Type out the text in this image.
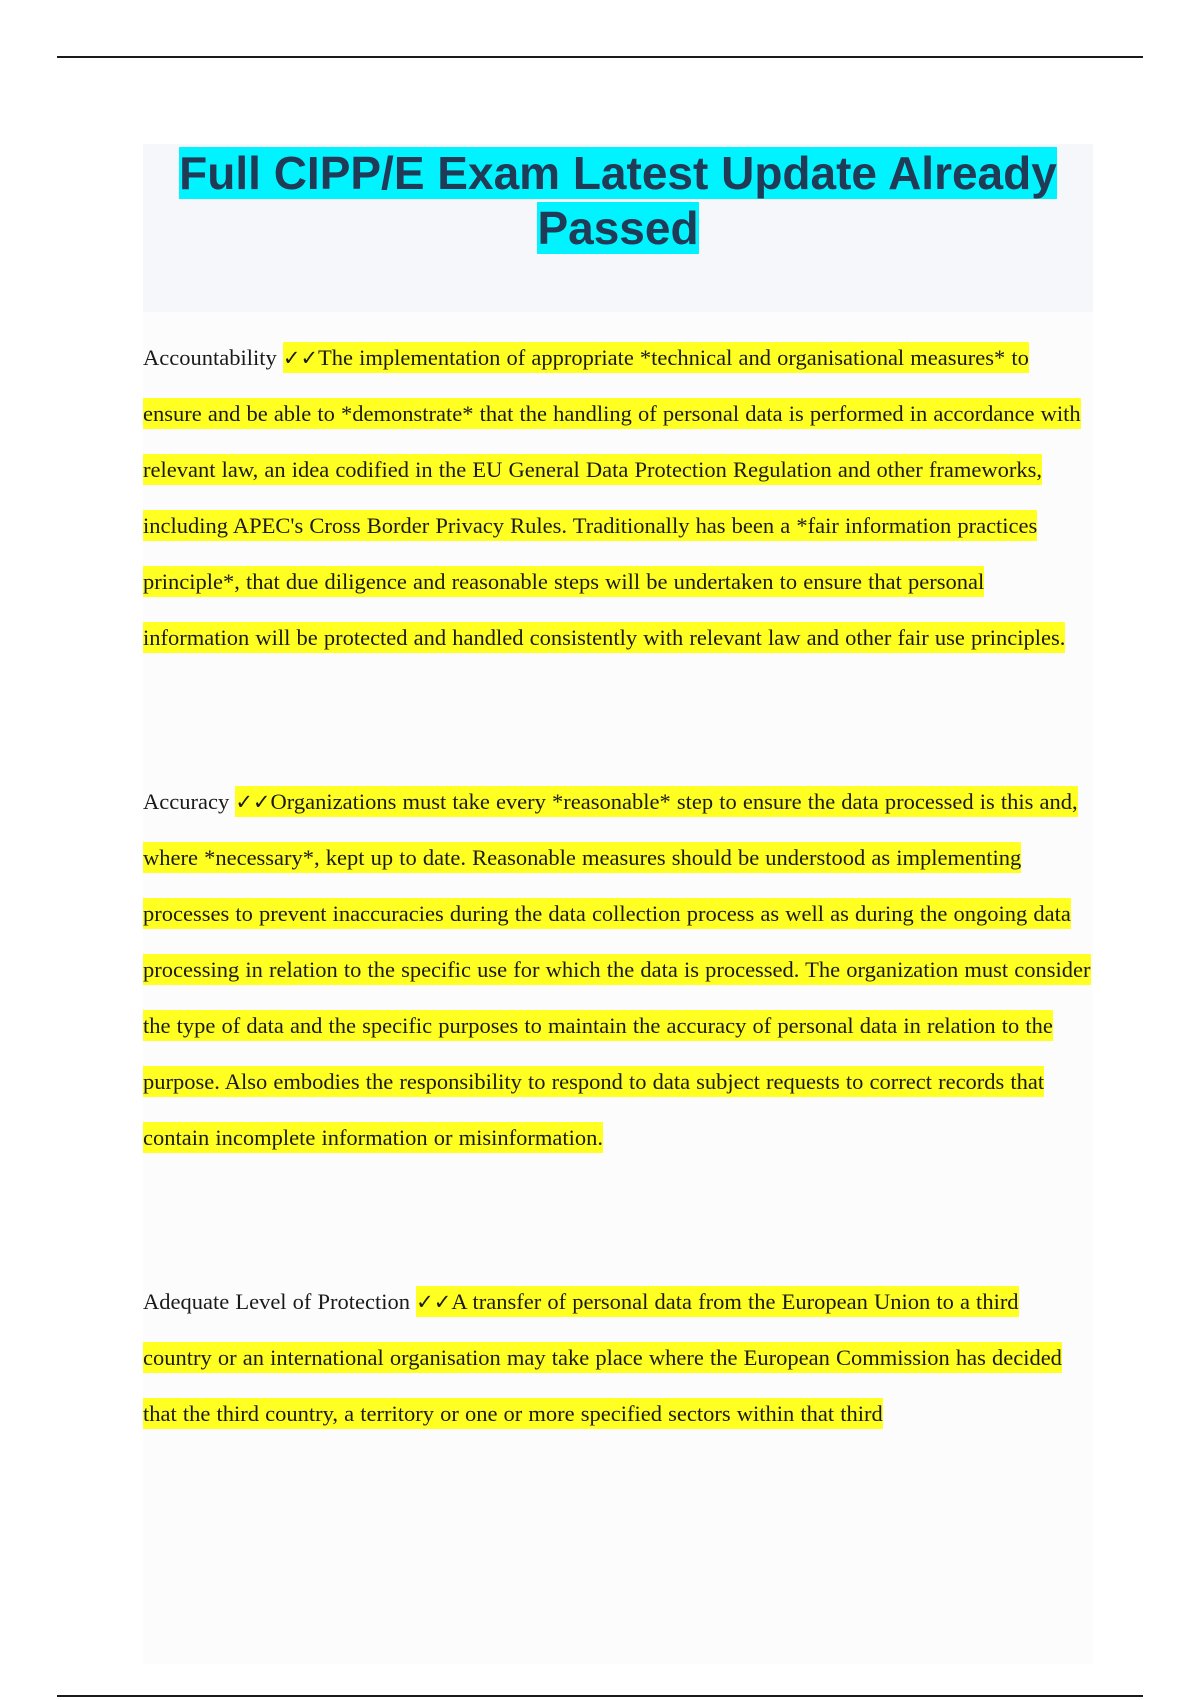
Full CIPP/E Exam Latest Update Already Passed

Accountability ✓✓The implementation of appropriate *technical and organisational measures* to ensure and be able to *demonstrate* that the handling of personal data is performed in accordance with relevant law, an idea codified in the EU General Data Protection Regulation and other frameworks, including APEC's Cross Border Privacy Rules. Traditionally has been a *fair information practices principle*, that due diligence and reasonable steps will be undertaken to ensure that personal information will be protected and handled consistently with relevant law and other fair use principles.

Accuracy ✓✓Organizations must take every *reasonable* step to ensure the data processed is this and, where *necessary*, kept up to date. Reasonable measures should be understood as implementing processes to prevent inaccuracies during the data collection process as well as during the ongoing data processing in relation to the specific use for which the data is processed. The organization must consider the type of data and the specific purposes to maintain the accuracy of personal data in relation to the purpose. Also embodies the responsibility to respond to data subject requests to correct records that contain incomplete information or misinformation.

Adequate Level of Protection ✓✓A transfer of personal data from the European Union to a third country or an international organisation may take place where the European Commission has decided that the third country, a territory or one or more specified sectors within that third
